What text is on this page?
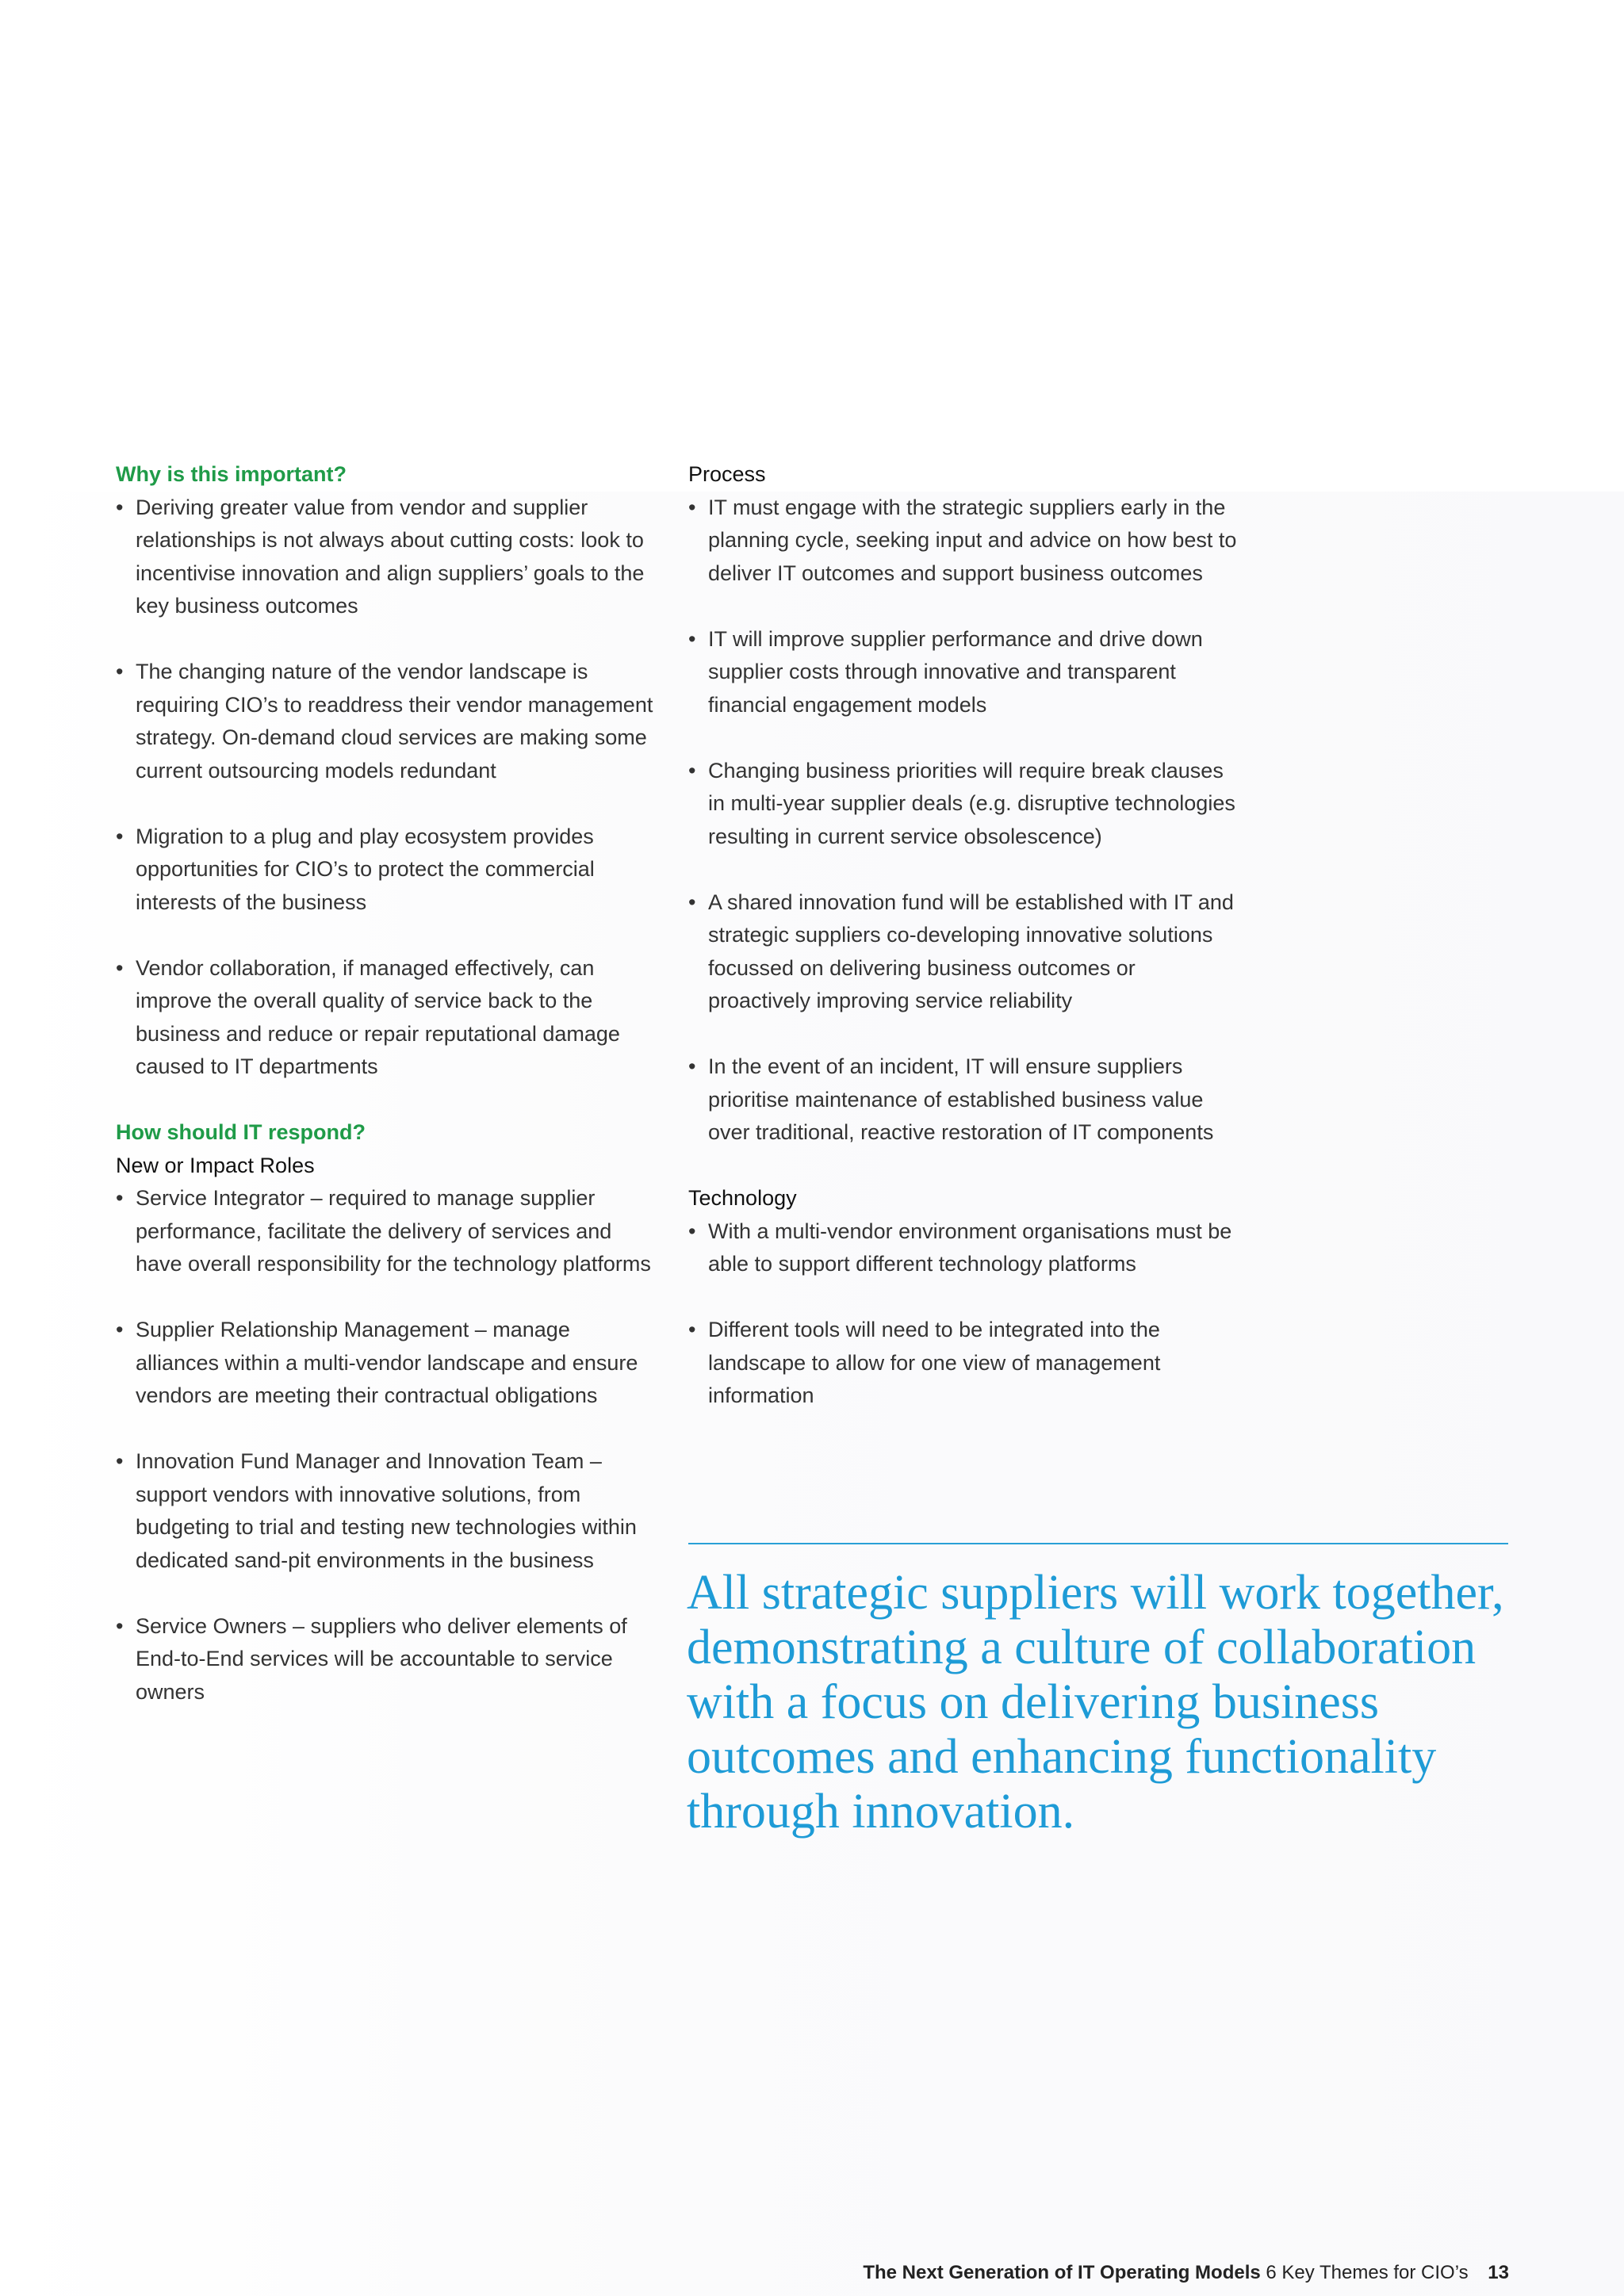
Why is this important?

• Deriving greater value from vendor and supplier relationships is not always about cutting costs: look to incentivise innovation and align suppliers’ goals to the key business outcomes
• The changing nature of the vendor landscape is requiring CIO’s to readdress their vendor management strategy. On-demand cloud services are making some current outsourcing models redundant
• Migration to a plug and play ecosystem provides opportunities for CIO’s to protect the commercial interests of the business
• Vendor collaboration, if managed effectively, can improve the overall quality of service back to the business and reduce or repair reputational damage caused to IT departments

How should IT respond?

New or Impact Roles

• Service Integrator – required to manage supplier performance, facilitate the delivery of services and have overall responsibility for the technology platforms
• Supplier Relationship Management – manage alliances within a multi-vendor landscape and ensure vendors are meeting their contractual obligations
• Innovation Fund Manager and Innovation Team – support vendors with innovative solutions, from budgeting to trial and testing new technologies within dedicated sand-pit environments in the business
• Service Owners – suppliers who deliver elements of End-to-End services will be accountable to service owners

Process

• IT must engage with the strategic suppliers early in the planning cycle, seeking input and advice on how best to deliver IT outcomes and support business outcomes
• IT will improve supplier performance and drive down supplier costs through innovative and transparent financial engagement models
• Changing business priorities will require break clauses in multi-year supplier deals (e.g. disruptive technologies resulting in current service obsolescence)
• A shared innovation fund will be established with IT and strategic suppliers co-developing innovative solutions focussed on delivering business outcomes or proactively improving service reliability
• In the event of an incident, IT will ensure suppliers prioritise maintenance of established business value over traditional, reactive restoration of IT components

Technology

• With a multi-vendor environment organisations must be able to support different technology platforms
• Different tools will need to be integrated into the landscape to allow for one view of management information

All strategic suppliers will work together, demonstrating a culture of collaboration with a focus on delivering business outcomes and enhancing functionality through innovation.

The Next Generation of IT Operating Models 6 Key Themes for CIO’s 13
